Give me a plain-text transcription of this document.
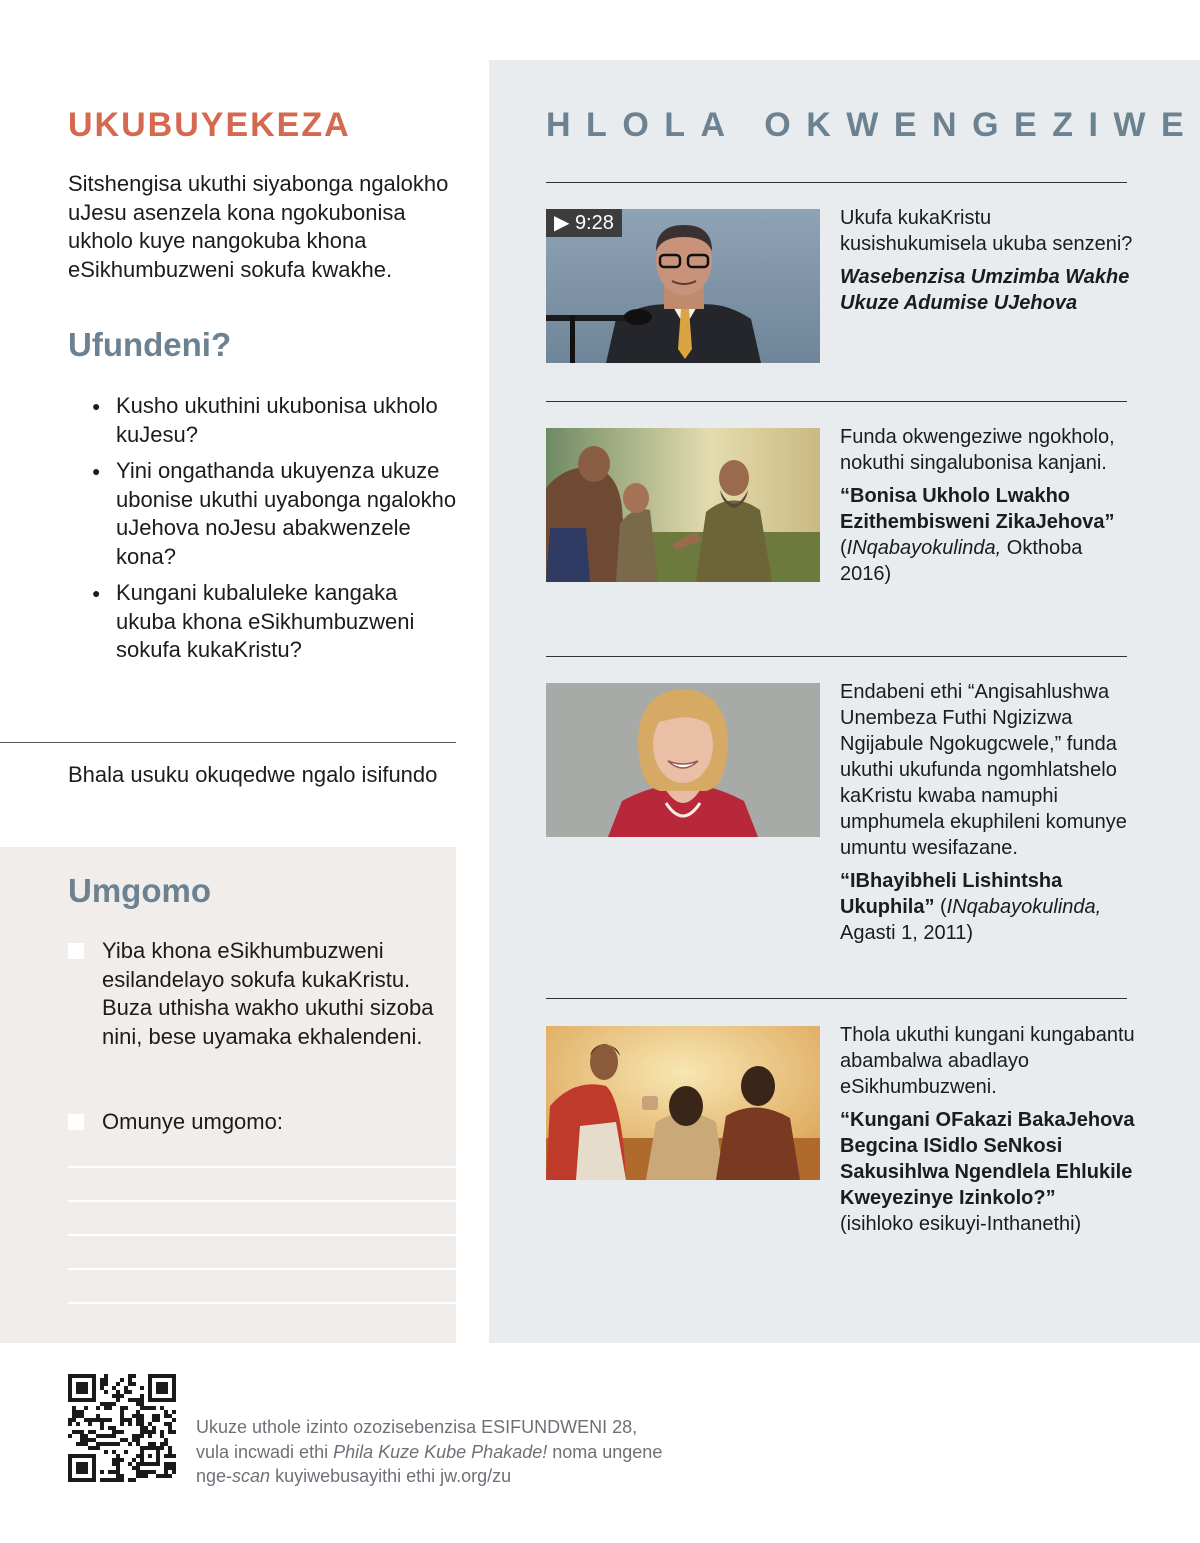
UKUBUYEKEZA

Sitshengisa ukuthi siyabonga ngalokho uJesu asenzela kona ngokubonisa ukholo kuye nangokuba khona eSikhumbuzweni sokufa kwakhe.

Ufundeni?
● Kusho ukuthini ukubonisa ukholo kuJesu?
● Yini ongathanda ukuyenza ukuze ubonise ukuthi uyabonga ngalokho uJehova noJesu abakwenzele kona?
● Kungani kubaluleke kangaka ukuba khona eSikhumbuzweni sokufa kukaKristu?
Bhala usuku okuqedwe ngalo isifundo
Umgomo
Yiba khona eSikhumbuzweni esilandelayo sokufa kukaKristu. Buza uthisha wakho ukuthi sizoba nini, bese uyamaka ekhalendeni.
Omunye umgomo:
HLOLA OKWENGEZIWE
▶ 9:28	Ukufa kukaKristu kusishukumisela ukuba senzeni?
Wasebenzisa Umzimba Wakhe Ukuze Adumise UJehova
Funda okwengeziwe ngokholo, nokuthi singalubonisa kanjani.
“Bonisa Ukholo Lwakho Ezithembisweni ZikaJehova”
(INqabayokulinda, Okthoba 2016)
Endabeni ethi “Angisahlushwa Unembeza Futhi Ngizizwa Ngijabule Ngokugcwele,” funda ukuthi ukufunda ngomhlatshelo kaKristu kwaba namuphi umphumela ekuphileni komunye umuntu wesifazane.
“IBhayibheli Lishintsha Ukuphila” (INqabayokulinda, Agasti 1, 2011)
Thola ukuthi kungani kungabantu abambalwa abadlayo eSikhumbuzweni.
“Kungani OFakazi BakaJehova Begcina ISidlo SeNkosi Sakusihlwa Ngendlela Ehlukile Kweyezinye Izinkolo?”
(isihloko esikuyi-Inthanethi)
Ukuze uthole izinto ozozisebenzisa ESIFUNDWENI 28,
vula incwadi ethi Phila Kuze Kube Phakade! noma ungene
nge-scan kuyiwebusayithi ethi jw.org/zu
